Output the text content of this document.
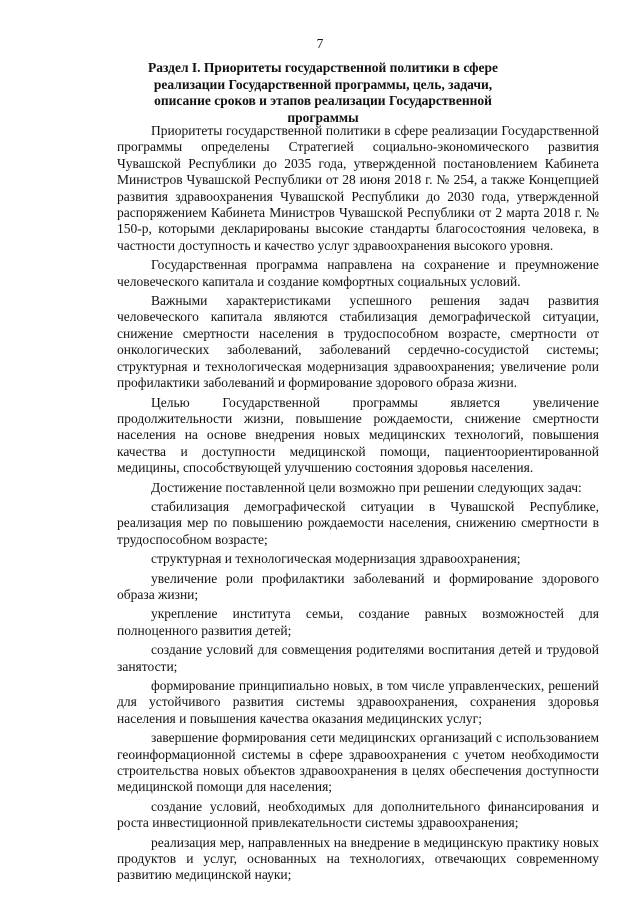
7
Раздел I. Приоритеты государственной политики в сфере реализации Государственной программы, цель, задачи, описание сроков и этапов реализации Государственной программы

Приоритеты государственной политики в сфере реализации Государственной программы определены Стратегией социально-экономического развития Чувашской Республики до 2035 года, утвержденной постановлением Кабинета Министров Чувашской Республики от 28 июня 2018 г. № 254, а также Концепцией развития здравоохранения Чувашской Республики до 2030 года, утвержденной распоряжением Кабинета Министров Чувашской Республики от 2 марта 2018 г. № 150-р, которыми декларированы высокие стандарты благосостояния человека, в частности доступность и качество услуг здравоохранения высокого уровня.

Государственная программа направлена на сохранение и преумножение человеческого капитала и создание комфортных социальных условий.

Важными характеристиками успешного решения задач развития человеческого капитала являются стабилизация демографической ситуации, снижение смертности населения в трудоспособном возрасте, смертности от онкологических заболеваний, заболеваний сердечно-сосудистой системы; структурная и технологическая модернизация здравоохранения; увеличение роли профилактики заболеваний и формирование здорового образа жизни.

Целью Государственной программы является увеличение продолжительности жизни, повышение рождаемости, снижение смертности населения на основе внедрения новых медицинских технологий, повышения качества и доступности медицинской помощи, пациентоориентированной медицины, способствующей улучшению состояния здоровья населения.

Достижение поставленной цели возможно при решении следующих задач:

стабилизация демографической ситуации в Чувашской Республике, реализация мер по повышению рождаемости населения, снижению смертности в трудоспособном возрасте;

структурная и технологическая модернизация здравоохранения;

увеличение роли профилактики заболеваний и формирование здорового образа жизни;

укрепление института семьи, создание равных возможностей для полноценного развития детей;

создание условий для совмещения родителями воспитания детей и трудовой занятости;

формирование принципиально новых, в том числе управленческих, решений для устойчивого развития системы здравоохранения, сохранения здоровья населения и повышения качества оказания медицинских услуг;

завершение формирования сети медицинских организаций с использованием геоинформационной системы в сфере здравоохранения с учетом необходимости строительства новых объектов здравоохранения в целях обеспечения доступности медицинской помощи для населения;

создание условий, необходимых для дополнительного финансирования и роста инвестиционной привлекательности системы здравоохранения;

реализация мер, направленных на внедрение в медицинскую практику новых продуктов и услуг, основанных на технологиях, отвечающих современному развитию медицинской науки;
